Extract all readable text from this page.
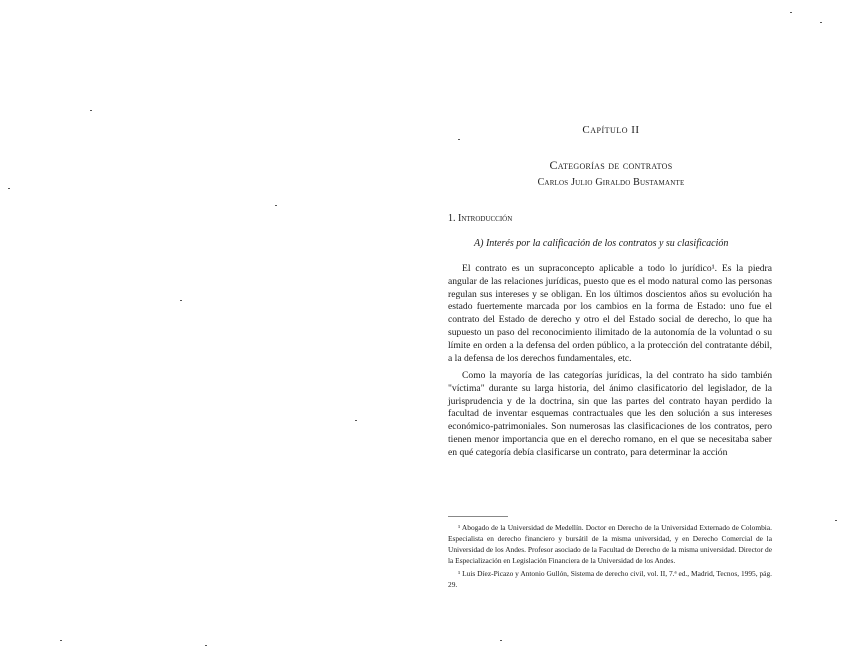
Capítulo II
Categorías de contratos
Carlos Julio Giraldo Bustamante
1. Introducción
A) Interés por la calificación de los contratos y su clasificación

El contrato es un supraconcepto aplicable a todo lo jurídico¹. Es la piedra angular de las relaciones jurídicas, puesto que es el modo natural como las personas regulan sus intereses y se obligan. En los últimos doscientos años su evolución ha estado fuertemente marcada por los cambios en la forma de Estado: uno fue el contrato del Estado de derecho y otro el del Estado social de derecho, lo que ha supuesto un paso del reconocimiento ilimitado de la autonomía de la voluntad o su límite en orden a la defensa del orden público, a la protección del contratante débil, a la defensa de los derechos fundamentales, etc.

Como la mayoría de las categorías jurídicas, la del contrato ha sido también "víctima" durante su larga historia, del ánimo clasificatorio del legislador, de la jurisprudencia y de la doctrina, sin que las partes del contrato hayan perdido la facultad de inventar esquemas contractuales que les den solución a sus intereses económico-patrimoniales. Son numerosas las clasificaciones de los contratos, pero tienen menor importancia que en el derecho romano, en el que se necesitaba saber en qué categoría debía clasificarse un contrato, para determinar la acción

¹ Abogado de la Universidad de Medellín. Doctor en Derecho de la Universidad Externado de Colombia. Especialista en derecho financiero y bursátil de la misma universidad, y en Derecho Comercial de la Universidad de los Andes. Profesor asociado de la Facultad de Derecho de la misma universidad. Director de la Especialización en Legislación Financiera de la Universidad de los Andes.

¹ Luis Díez-Picazo y Antonio Gullón, Sistema de derecho civil, vol. II, 7.ª ed., Madrid, Tecnos, 1995, pág. 29.
